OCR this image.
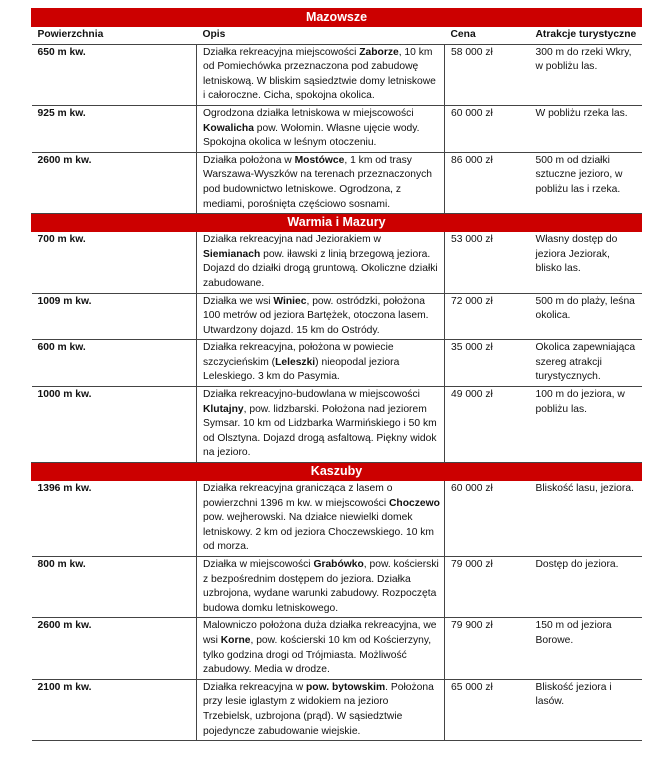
Mazowsze			
Powierzchnia	Opis	Cena	Atrakcje turystyczne
650 m kw.	Działka rekreacyjna miejscowości Zaborze, 10 km od Pomiechówka przeznaczona pod zabudowę letniskową. W bliskim sąsiedztwie domy letniskowe i całoroczne. Cicha, spokojna okolica.	58 000 zł	300 m do rzeki Wkry, w pobliżu las.
925 m kw.	Ogrodzona działka letniskowa w miejscowości Kowalicha pow. Wołomin. Własne ujęcie wody. Spokojna okolica w leśnym otoczeniu.	60 000 zł	W pobliżu rzeka las.
2600 m kw.	Działka położona w Mostówce, 1 km od trasy Warszawa-Wyszków na terenach przeznaczonych pod budownictwo letniskowe. Ogrodzona, z mediami, porośnięta częściowo sosnami.	86 000 zł	500 m od działki sztuczne jezioro, w pobliżu las i rzeka.
Warmia i Mazury			
700 m kw.	Działka rekreacyjna nad Jeziorakiem w Siemianach pow. iławski z linią brzegową jeziora. Dojazd do działki drogą gruntową. Okoliczne działki zabudowane.	53 000 zł	Własny dostęp do jeziora Jeziorak, blisko las.
1009 m kw.	Działka we wsi Winiec, pow. ostródzki, położona 100 metrów od jeziora Bartężek, otoczona lasem. Utwardzony dojazd. 15 km do Ostródy.	72 000 zł	500 m do plaży, leśna okolica.
600 m kw.	Działka rekreacyjna, położona w powiecie szczycieńskim (Leleszki) nieopodal jeziora Leleskiego. 3 km do Pasymia.	35 000 zł	Okolica zapewniająca szereg atrakcji turystycznych.
1000 m kw.	Działka rekreacyjno-budowlana w miejscowości Klutajny, pow. lidzbarski. Położona nad jeziorem Symsar. 10 km od Lidzbarka Warmińskiego i 50 km od Olsztyna. Dojazd drogą asfaltową. Piękny widok na jezioro.	49 000 zł	100 m do jeziora, w pobliżu las.
Kaszuby			
1396 m kw.	Działka rekreacyjna granicząca z lasem o powierzchni 1396 m kw. w miejscowości Choczewo pow. wejherowski. Na działce niewielki domek letniskowy. 2 km od jeziora Choczewskiego. 10 km od morza.	60 000 zł	Bliskość lasu, jeziora.
800 m kw.	Działka w miejscowości Grabówko, pow. kościerski z bezpośrednim dostępem do jeziora. Działka uzbrojona, wydane warunki zabudowy. Rozpoczęta budowa domku letniskowego.	79 000 zł	Dostęp do jeziora.
2600 m kw.	Malowniczo położona duża działka rekreacyjna, we wsi Korne, pow. kościerski 10 km od Kościerzyny, tylko godzina drogi od Trójmiasta. Możliwość zabudowy. Media w drodze.	79 900 zł	150 m od jeziora Borowe.
2100 m kw.	Działka rekreacyjna w pow. bytowskim. Położona przy lesie iglastym z widokiem na jezioro Trzebielsk, uzbrojona (prąd). W sąsiedztwie pojedyncze zabudowanie wiejskie.	65 000 zł	Bliskość jeziora i lasów.
